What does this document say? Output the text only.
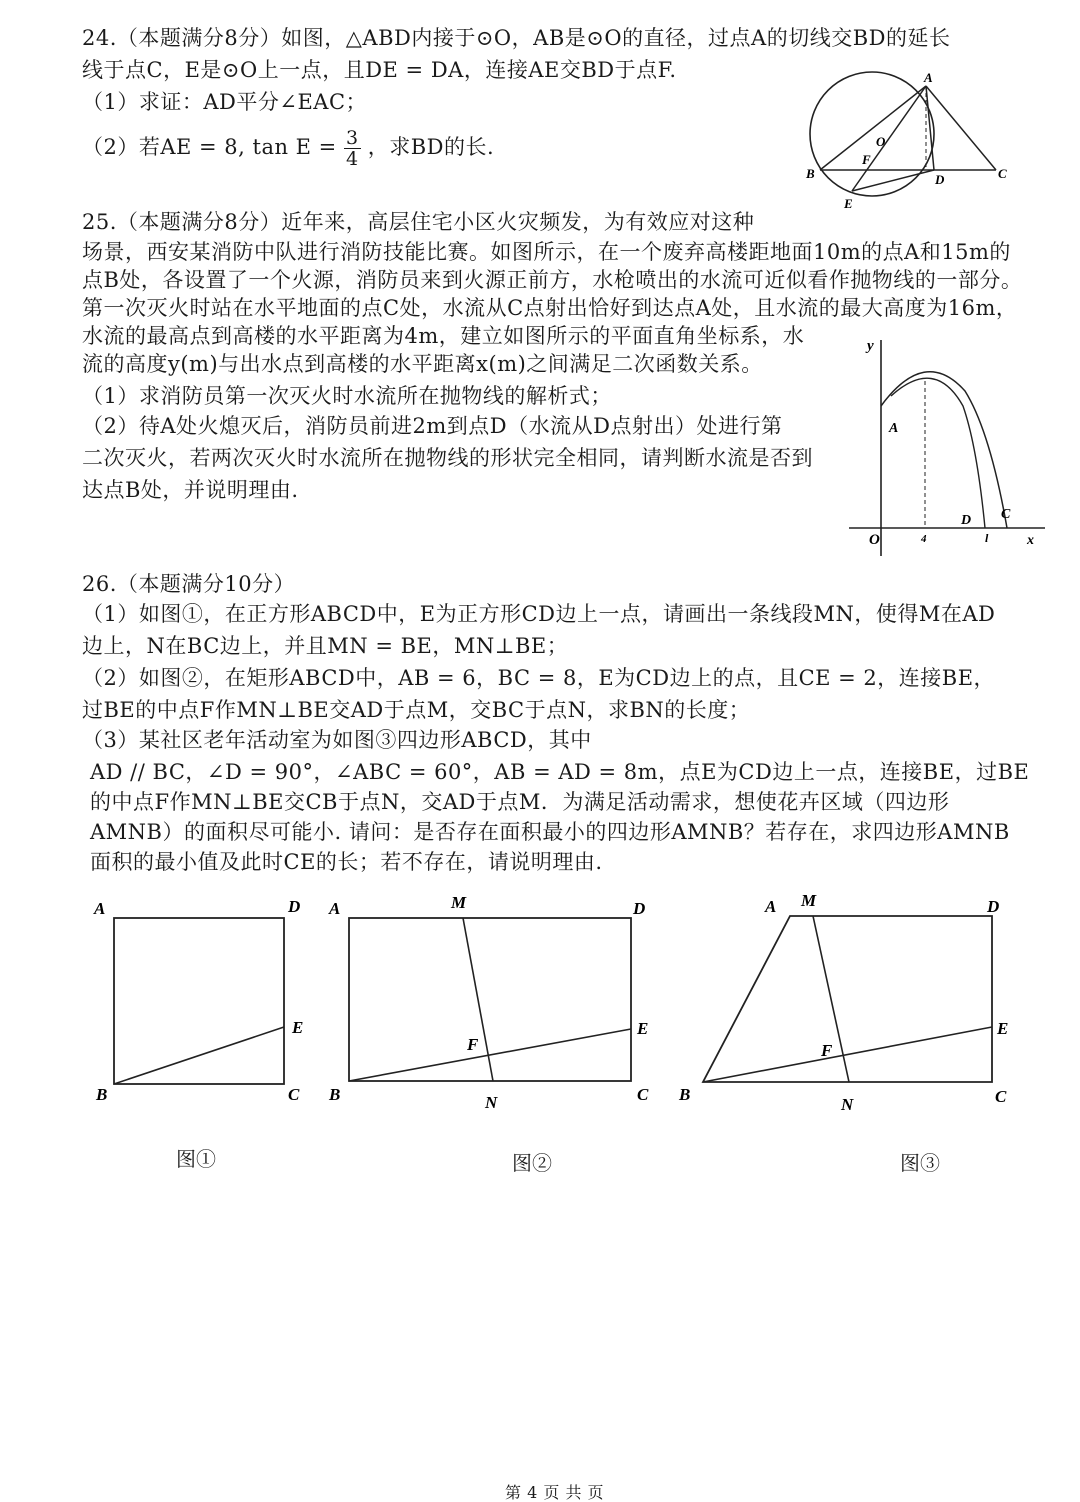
24.（本题满分8分）如图，△ABD内接于⊙O，AB是⊙O的直径，过点A的切线交BD的延长
线于点C，E是⊙O上一点，且DE = DA，连接AE交BD于点F.
（1）求证：AD平分∠EAC；
（2）若AE = 8, $\tan E = \frac{3}{4}$ ，求BD的长.
A
O
F
B	D	C
E
25.（本题满分8分）近年来，高层住宅小区火灾频发，为有效应对这种
场景，西安某消防中队进行消防技能比赛。如图所示，在一个废弃高楼距地面10m的点A和15m的
点B处，各设置了一个火源，消防员来到火源正前方，水枪喷出的水流可近似看作抛物线的一部分。
第一次灭火时站在水平地面的点C处，水流从C点射出恰好到达点A处，且水流的最大高度为16m，
水流的最高点到高楼的水平距离为4m，建立如图所示的平面直角坐标系，水
流的高度y(m)与出水点到高楼的水平距离x(m)之间满足二次函数关系。
（1）求消防员第一次灭火时水流所在抛物线的解析式；
（2）待A处火熄灭后，消防员前进2m到点D（水流从D点射出）处进行第
二次灭火，若两次灭火时水流所在抛物线的形状完全相同，请判断水流是否到
达点B处，并说明理由.
y
A
O	4
D C
l	x
26.（本题满分10分）
（1）如图①，在正方形ABCD中，E为正方形CD边上一点，请画出一条线段MN，使得M在AD
边上，N在BC边上，并且MN = BE，MN⊥BE；
（2）如图②，在矩形ABCD中，AB = 6，BC = 8，E为CD边上的点，且CE = 2，连接BE，
过BE的中点F作MN⊥BE交AD于点M，交BC于点N，求BN的长度；
（3）某社区老年活动室为如图③四边形ABCD，其中
AD // BC，∠D = 90°，∠ABC = 60°，AB = AD = 8m，点E为CD边上一点，连接BE，过BE
的中点F作MN⊥BE交CB于点N，交AD于点M．为满足活动需求，想使花卉区域（四边形
AMNB）的面积尽可能小. 请问：是否存在面积最小的四边形AMNB？若存在，求四边形AMNB
面积的最小值及此时CE的长；若不存在，请说明理由.
A	D
E
B	C
图①
A	M	D
E
F
B	N	C
图②
A M	D
E
F
B
N	C
图③
第 4 页 共 页
